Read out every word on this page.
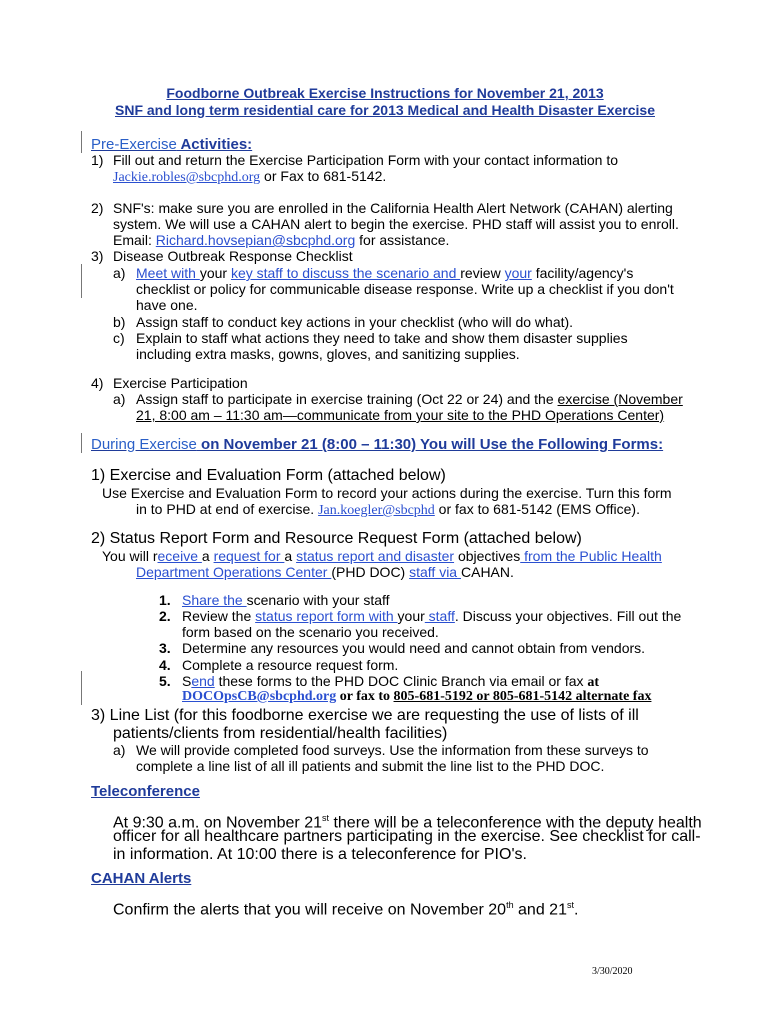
Foodborne Outbreak Exercise Instructions for November 21, 2013
SNF and long term residential care for 2013 Medical and Health Disaster Exercise
Pre-Exercise Activities:
1) Fill out and return the Exercise Participation Form with your contact information to
Jackie.robles@sbcphd.org or Fax to 681-5142.
2) SNF's: make sure you are enrolled in the California Health Alert Network (CAHAN) alerting
system. We will use a CAHAN alert to begin the exercise. PHD staff will assist you to enroll.
Email: Richard.hovsepian@sbcphd.org for assistance.
3) Disease Outbreak Response Checklist
a) Meet with your key staff to discuss the scenario and review your facility/agency's
checklist or policy for communicable disease response. Write up a checklist if you don't
have one.
b) Assign staff to conduct key actions in your checklist (who will do what).
c) Explain to staff what actions they need to take and show them disaster supplies
including extra masks, gowns, gloves, and sanitizing supplies.
4) Exercise Participation
a) Assign staff to participate in exercise training (Oct 22 or 24) and the exercise (November
21, 8:00 am – 11:30 am—communicate from your site to the PHD Operations Center)
During Exercise on November 21 (8:00 – 11:30) You will Use the Following Forms:
1) Exercise and Evaluation Form (attached below)
Use Exercise and Evaluation Form to record your actions during the exercise. Turn this form
in to PHD at end of exercise. Jan.koegler@sbcphd or fax to 681-5142 (EMS Office).
2) Status Report Form and Resource Request Form (attached below)
You will receive a request for a status report and disaster objectives from the Public Health
Department Operations Center (PHD DOC) staff via CAHAN.
1. Share the scenario with your staff
2. Review the status report form with your staff. Discuss your objectives. Fill out the
form based on the scenario you received.
3. Determine any resources you would need and cannot obtain from vendors.
4. Complete a resource request form.
5. Send these forms to the PHD DOC Clinic Branch via email or fax at
DOCOpsCB@sbcphd.org or fax to 805-681-5192 or 805-681-5142 alternate fax
3) Line List (for this foodborne exercise we are requesting the use of lists of ill
patients/clients from residential/health facilities)
a) We will provide completed food surveys. Use the information from these surveys to
complete a line list of all ill patients and submit the line list to the PHD DOC.
Teleconference
At 9:30 a.m. on November 21st there will be a teleconference with the deputy health
officer for all healthcare partners participating in the exercise. See checklist for call-
in information. At 10:00 there is a teleconference for PIO's.
CAHAN Alerts
Confirm the alerts that you will receive on November 20th and 21st.
3/30/2020
